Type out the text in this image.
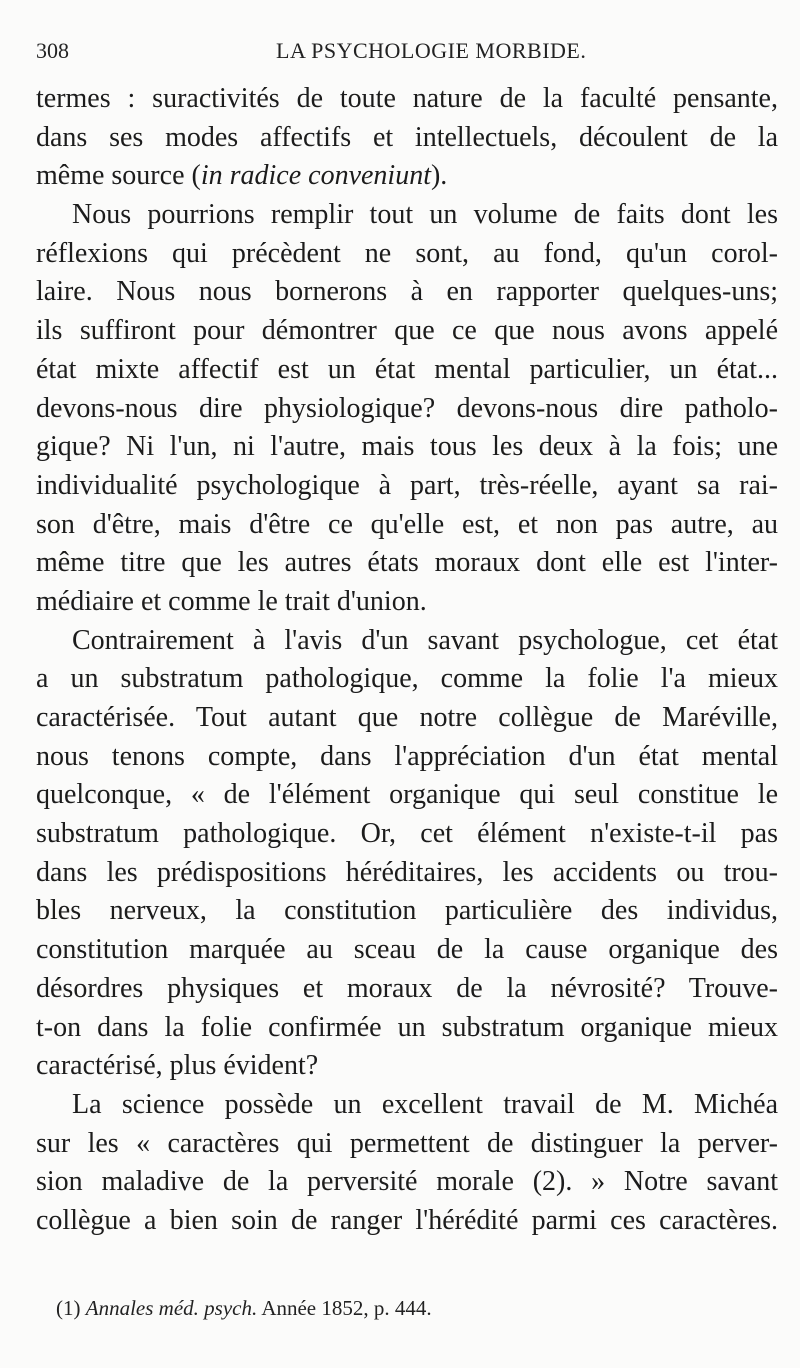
308	LA PSYCHOLOGIE MORBIDE.
termes : suractivités de toute nature de la faculté pensante,
dans ses modes affectifs et intellectuels, découlent de la
même source (in radice conveniunt).
Nous pourrions remplir tout un volume de faits dont les
réflexions qui précèdent ne sont, au fond, qu'un corol-
laire. Nous nous bornerons à en rapporter quelques-uns;
ils suffiront pour démontrer que ce que nous avons appelé
état mixte affectif est un état mental particulier, un état...
devons-nous dire physiologique? devons-nous dire patholo-
gique? Ni l'un, ni l'autre, mais tous les deux à la fois; une
individualité psychologique à part, très-réelle, ayant sa rai-
son d'être, mais d'être ce qu'elle est, et non pas autre, au
même titre que les autres états moraux dont elle est l'inter-
médiaire et comme le trait d'union.
Contrairement à l'avis d'un savant psychologue, cet état
a un substratum pathologique, comme la folie l'a mieux
caractérisée. Tout autant que notre collègue de Maréville,
nous tenons compte, dans l'appréciation d'un état mental
quelconque, « de l'élément organique qui seul constitue le
substratum pathologique. Or, cet élément n'existe-t-il pas
dans les prédispositions héréditaires, les accidents ou trou-
bles nerveux, la constitution particulière des individus,
constitution marquée au sceau de la cause organique des
désordres physiques et moraux de la névrosité? Trouve-
t-on dans la folie confirmée un substratum organique mieux
caractérisé, plus évident?
La science possède un excellent travail de M. Michéa
sur les « caractères qui permettent de distinguer la perver-
sion maladive de la perversité morale (2). » Notre savant
collègue a bien soin de ranger l'hérédité parmi ces caractères.
(1) Annales méd. psych. Année 1852, p. 444.
